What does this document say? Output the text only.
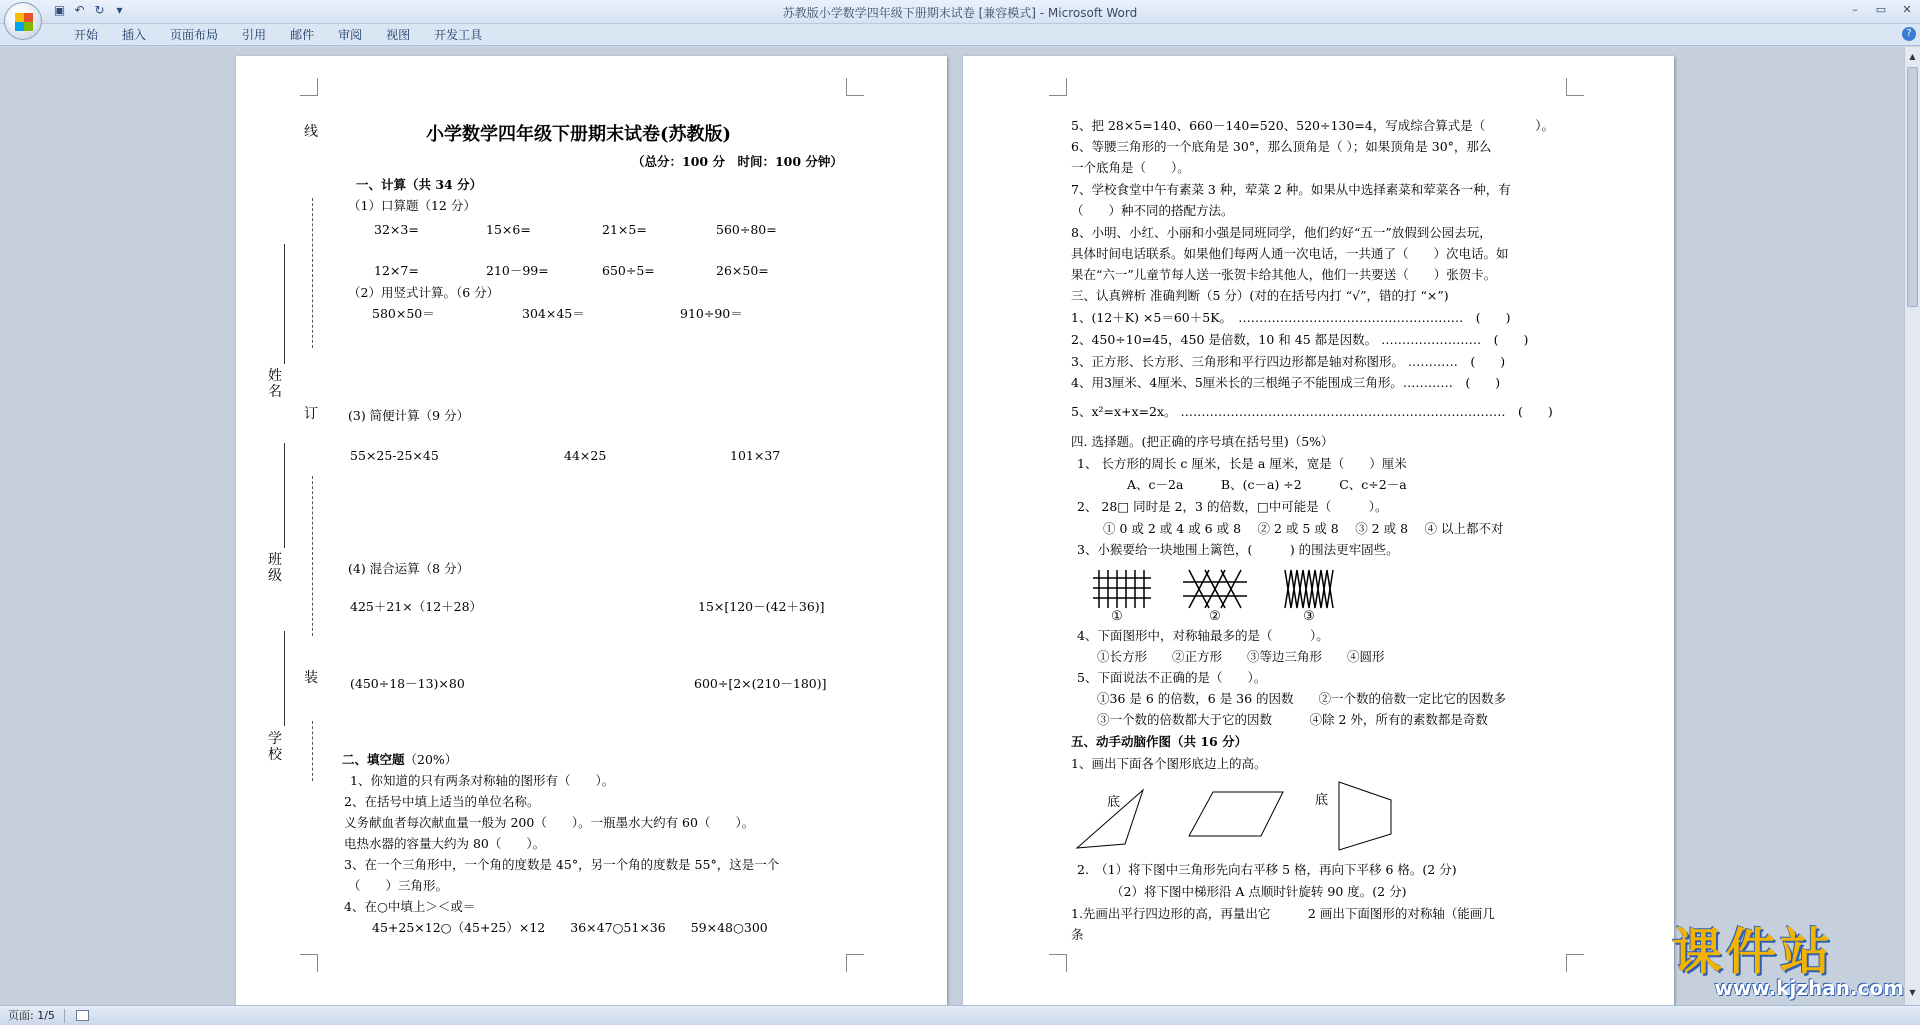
▣ ↶ ↻ ▾	苏教版小学数学四年级下册期末试卷 [兼容模式] - Microsoft Word	–	▭ ✕
开始	插入	页面布局	引用	邮件	审阅	视图	开发工具	?
线
订
装
姓名
班级
学校
小学数学四年级下册期末试卷(苏教版)
（总分：100 分　时间：100 分钟）
一、计算（共 34 分）
（1）口算题（12 分）
32×3=	15×6=	21×5=	560÷80=
12×7=	210－99=	650÷5=	26×50=
（2）用竖式计算。（6 分）
580×50＝	304×45＝	910÷90＝
(3) 简便计算（9 分）
55×25-25×45	44×25	101×37
(4) 混合运算（8 分）
425＋21×（12＋28）	15×[120－(42＋36)]
(450÷18－13)×80	600÷[2×(210－180)]
二、填空题（20%）
1、你知道的只有两条对称轴的图形有（　　）。
2、在括号中填上适当的单位名称。
义务献血者每次献血量一般为 200（　　）。一瓶墨水大约有 60（　　）。
电热水器的容量大约为 80（　　）。
3、在一个三角形中，一个角的度数是 45°，另一个角的度数是 55°，这是一个
（　　）三角形。
4、在○中填上＞＜或＝
45+25×12○（45+25）×12　　36×47○51×36　　59×48○300
5、把 28×5=140、660－140=520、520÷130=4，写成综合算式是（　　　　）。
6、等腰三角形的一个底角是 30°，那么顶角是（ ）；如果顶角是 30°，那么
一个底角是（　　）。
7、学校食堂中午有素菜 3 种，荤菜 2 种。如果从中选择素菜和荤菜各一种，有
（　　）种不同的搭配方法。
8、小明、小红、小丽和小强是同班同学，他们约好“五一”放假到公园去玩，
具体时间电话联系。如果他们每两人通一次电话，一共通了（　　）次电话。如
果在“六一”儿童节每人送一张贺卡给其他人，他们一共要送（　　）张贺卡。
三、认真辨析 准确判断（5 分）(对的在括号内打 “√”，错的打 “×”)
1、(12＋K) ×5＝60＋5K。　………………………………………………　(　　)
2、450÷10=45，450 是倍数，10 和 45 都是因数。 ……………………　(　　)
3、正方形、长方形、三角形和平行四边形都是轴对称图形。 …………　(　　)
4、用3厘米、4厘米、5厘米长的三根绳子不能围成三角形。…………　(　　)
5、x²=x+x=2x。 ……………………………………………………………………　(　　)
四. 选择题。(把正确的序号填在括号里)（5%）
1、 长方形的周长 c 厘米，长是 a 厘米，宽是（　　）厘米
A、c－2a　　　B、(c－a) ÷2　　　C、c÷2－a
2、 28□ 同时是 2，3 的倍数，□中可能是（　　　）。
① 0 或 2 或 4 或 6 或 8　 ② 2 或 5 或 8　 ③ 2 或 8　 ④ 以上都不对
3、小猴要给一块地围上篱笆，(　　　) 的围法更牢固些。
①	②	③
4、下面图形中，对称轴最多的是（　　　）。
①长方形　　②正方形　　③等边三角形　　④圆形
5、下面说法不正确的是（　　）。
①36 是 6 的倍数，6 是 36 的因数　　②一个数的倍数一定比它的因数多
③一个数的倍数都大于它的因数　　　④除 2 外，所有的素数都是奇数
五、动手动脑作图（共 16 分）
1、画出下面各个图形底边上的高。
底	底
2.　（1）将下图中三角形先向右平移 5 格，再向下平移 6 格。(2 分)
（2）将下图中梯形沿 A 点顺时针旋转 90 度。(2 分)
1.先画出平行四边形的高，再量出它　　　2 画出下面图形的对称轴（能画几
条
▲
▼
课件站
www.kjzhan.com
页面: 1/5
